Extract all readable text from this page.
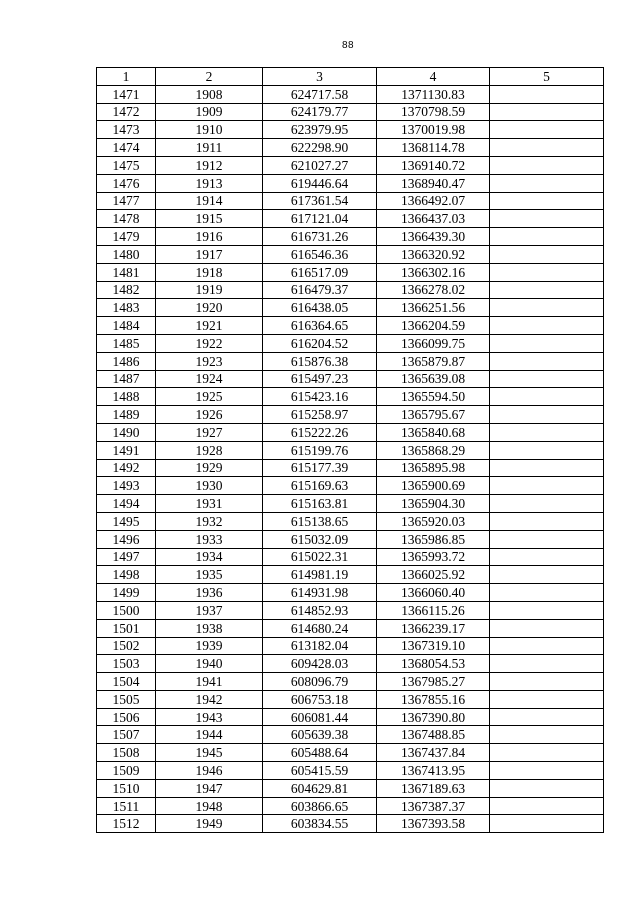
88
1	2	3	4	5
1471	1908	624717.58	1371130.83	
1472	1909	624179.77	1370798.59	
1473	1910	623979.95	1370019.98	
1474	1911	622298.90	1368114.78	
1475	1912	621027.27	1369140.72	
1476	1913	619446.64	1368940.47	
1477	1914	617361.54	1366492.07	
1478	1915	617121.04	1366437.03	
1479	1916	616731.26	1366439.30	
1480	1917	616546.36	1366320.92	
1481	1918	616517.09	1366302.16	
1482	1919	616479.37	1366278.02	
1483	1920	616438.05	1366251.56	
1484	1921	616364.65	1366204.59	
1485	1922	616204.52	1366099.75	
1486	1923	615876.38	1365879.87	
1487	1924	615497.23	1365639.08	
1488	1925	615423.16	1365594.50	
1489	1926	615258.97	1365795.67	
1490	1927	615222.26	1365840.68	
1491	1928	615199.76	1365868.29	
1492	1929	615177.39	1365895.98	
1493	1930	615169.63	1365900.69	
1494	1931	615163.81	1365904.30	
1495	1932	615138.65	1365920.03	
1496	1933	615032.09	1365986.85	
1497	1934	615022.31	1365993.72	
1498	1935	614981.19	1366025.92	
1499	1936	614931.98	1366060.40	
1500	1937	614852.93	1366115.26	
1501	1938	614680.24	1366239.17	
1502	1939	613182.04	1367319.10	
1503	1940	609428.03	1368054.53	
1504	1941	608096.79	1367985.27	
1505	1942	606753.18	1367855.16	
1506	1943	606081.44	1367390.80	
1507	1944	605639.38	1367488.85	
1508	1945	605488.64	1367437.84	
1509	1946	605415.59	1367413.95	
1510	1947	604629.81	1367189.63	
1511	1948	603866.65	1367387.37	
1512	1949	603834.55	1367393.58	
